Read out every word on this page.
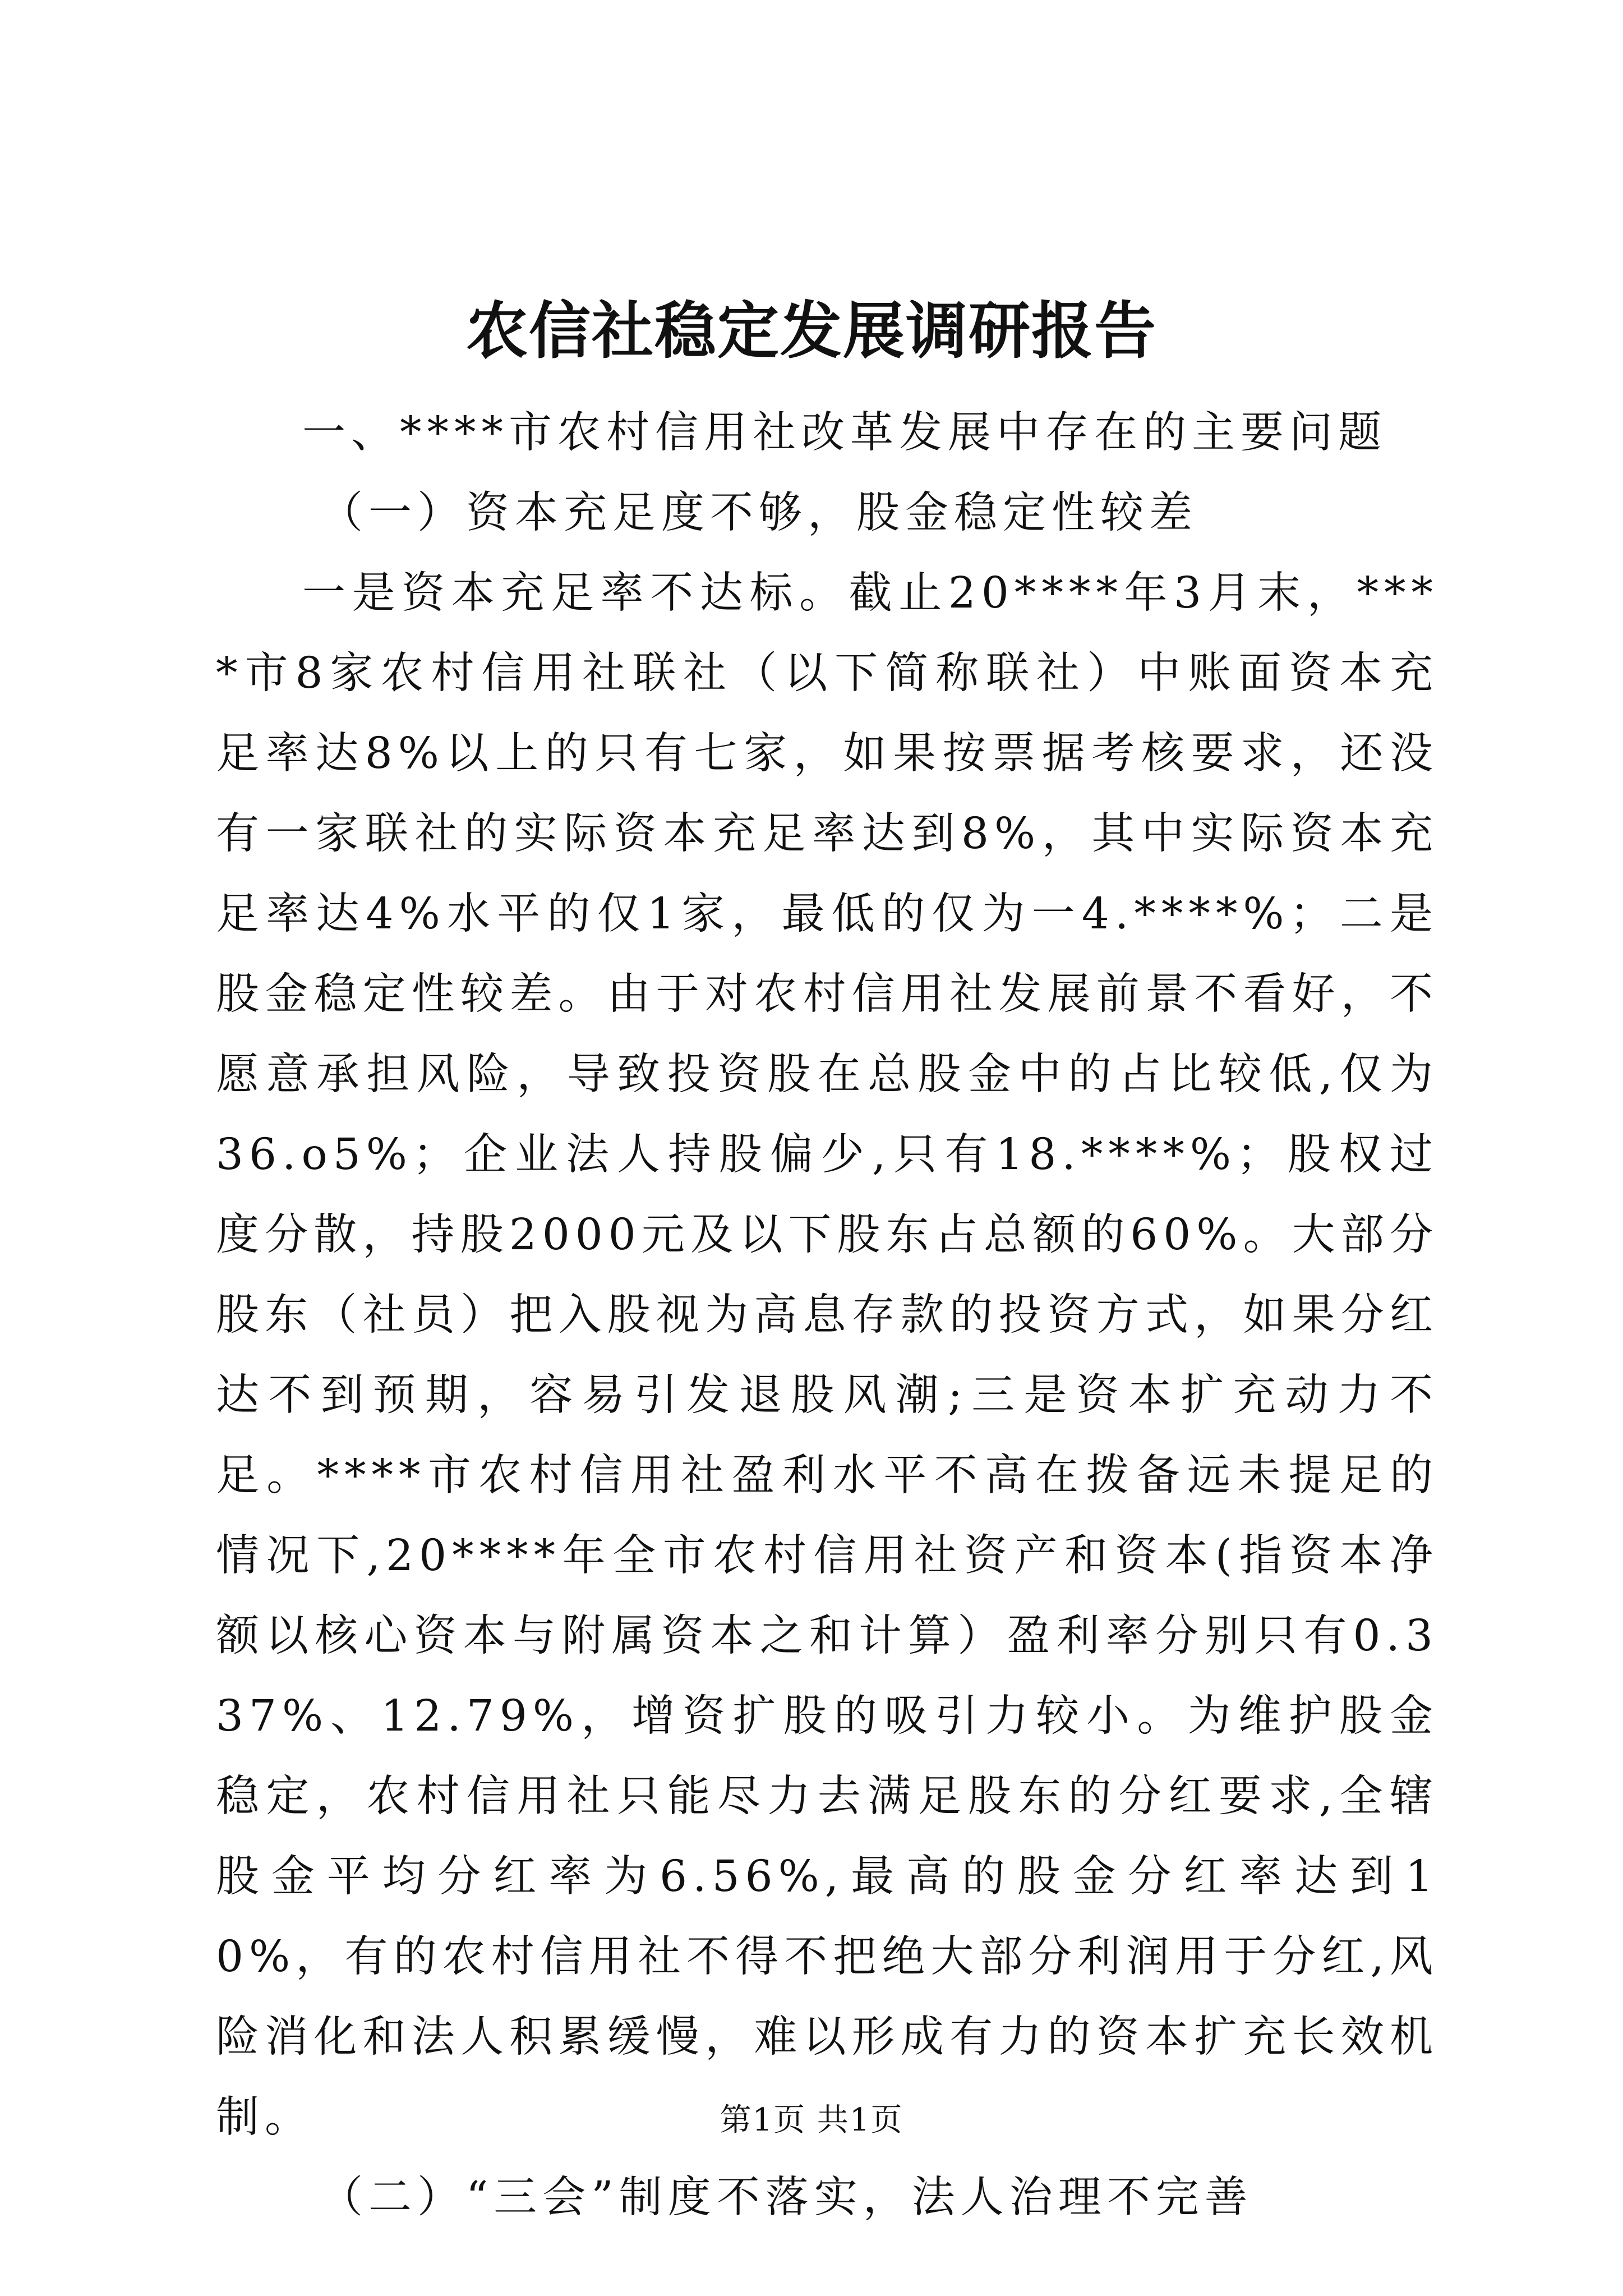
农信社稳定发展调研报告

一、****市农村信用社改革发展中存在的主要问题

（一）资本充足度不够，股金稳定性较差

一是资本充足率不达标。截止20****年3月末，****市8家农村信用社联社（以下简称联社）中账面资本充足率达8%以上的只有七家，如果按票据考核要求，还没有一家联社的实际资本充足率达到8%，其中实际资本充足率达4%水平的仅1家，最低的仅为一4.****%；二是股金稳定性较差。由于对农村信用社发展前景不看好，不愿意承担风险，导致投资股在总股金中的占比较低,仅为36.o5%；企业法人持股偏少,只有18.****%；股权过度分散，持股2000元及以下股东占总额的60%。大部分股东（社员）把入股视为高息存款的投资方式，如果分红达不到预期，容易引发退股风潮;三是资本扩充动力不足。****市农村信用社盈利水平不高在拨备远未提足的情况下,20****年全市农村信用社资产和资本(指资本净额以核心资本与附属资本之和计算）盈利率分别只有0.337%、12.79%，增资扩股的吸引力较小。为维护股金稳定，农村信用社只能尽力去满足股东的分红要求,全辖股金平均分红率为6.56%,最高的股金分红率达到10%，有的农村信用社不得不把绝大部分利润用于分红,风险消化和法人积累缓慢，难以形成有力的资本扩充长效机制。

（二）“三会”制度不落实，法人治理不完善

第1页 共1页
